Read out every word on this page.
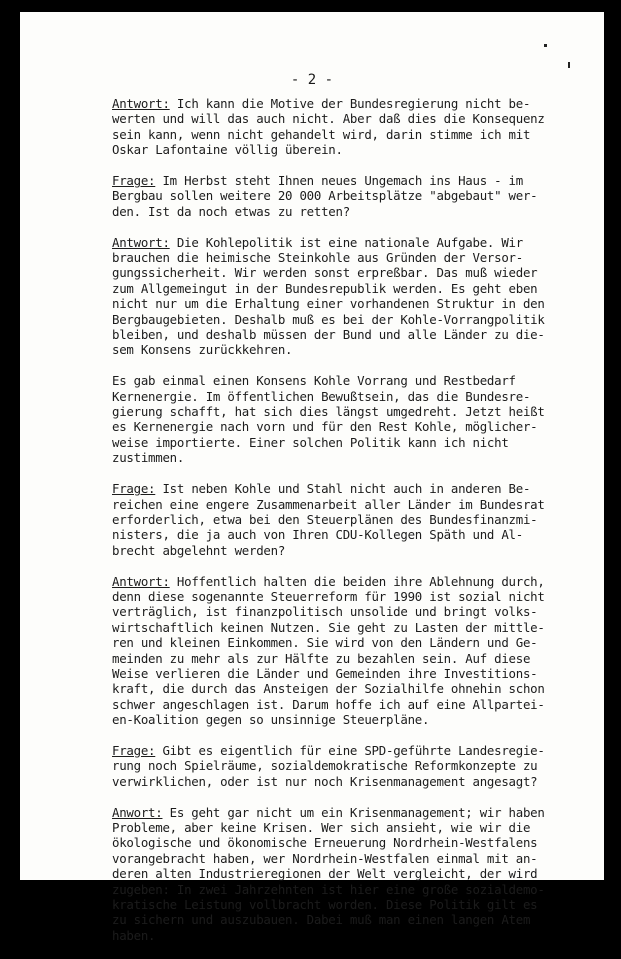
- 2 -
Antwort: Ich kann die Motive der Bundesregierung nicht be-
werten und will das auch nicht. Aber daß dies die Konsequenz
sein kann, wenn nicht gehandelt wird, darin stimme ich mit
Oskar Lafontaine völlig überein.
Frage: Im Herbst steht Ihnen neues Ungemach ins Haus - im
Bergbau sollen weitere 20 000 Arbeitsplätze "abgebaut" wer-
den. Ist da noch etwas zu retten?
Antwort: Die Kohlepolitik ist eine nationale Aufgabe. Wir
brauchen die heimische Steinkohle aus Gründen der Versor-
gungssicherheit. Wir werden sonst erpreßbar. Das muß wieder
zum Allgemeingut in der Bundesrepublik werden. Es geht eben
nicht nur um die Erhaltung einer vorhandenen Struktur in den
Bergbaugebieten. Deshalb muß es bei der Kohle-Vorrangpolitik
bleiben, und deshalb müssen der Bund und alle Länder zu die-
sem Konsens zurückkehren.
Es gab einmal einen Konsens Kohle Vorrang und Restbedarf
Kernenergie. Im öffentlichen Bewußtsein, das die Bundesre-
gierung schafft, hat sich dies längst umgedreht. Jetzt heißt
es Kernenergie nach vorn und für den Rest Kohle, möglicher-
weise importierte. Einer solchen Politik kann ich nicht
zustimmen.
Frage: Ist neben Kohle und Stahl nicht auch in anderen Be-
reichen eine engere Zusammenarbeit aller Länder im Bundesrat
erforderlich, etwa bei den Steuerplänen des Bundesfinanzmi-
nisters, die ja auch von Ihren CDU-Kollegen Späth und Al-
brecht abgelehnt werden?
Antwort: Hoffentlich halten die beiden ihre Ablehnung durch,
denn diese sogenannte Steuerreform für 1990 ist sozial nicht
verträglich, ist finanzpolitisch unsolide und bringt volks-
wirtschaftlich keinen Nutzen. Sie geht zu Lasten der mittle-
ren und kleinen Einkommen. Sie wird von den Ländern und Ge-
meinden zu mehr als zur Hälfte zu bezahlen sein. Auf diese
Weise verlieren die Länder und Gemeinden ihre Investitions-
kraft, die durch das Ansteigen der Sozialhilfe ohnehin schon
schwer angeschlagen ist. Darum hoffe ich auf eine Allpartei-
en-Koalition gegen so unsinnige Steuerpläne.
Frage: Gibt es eigentlich für eine SPD-geführte Landesregie-
rung noch Spielräume, sozialdemokratische Reformkonzepte zu
verwirklichen, oder ist nur noch Krisenmanagement angesagt?
Anwort: Es geht gar nicht um ein Krisenmanagement; wir haben
Probleme, aber keine Krisen. Wer sich ansieht, wie wir die
ökologische und ökonomische Erneuerung Nordrhein-Westfalens
vorangebracht haben, wer Nordrhein-Westfalen einmal mit an-
deren alten Industrieregionen der Welt vergleicht, der wird
zugeben: In zwei Jahrzehnten ist hier eine große sozialdemo-
kratische Leistung vollbracht worden. Diese Politik gilt es
zu sichern und auszubauen. Dabei muß man einen langen Atem
haben.
